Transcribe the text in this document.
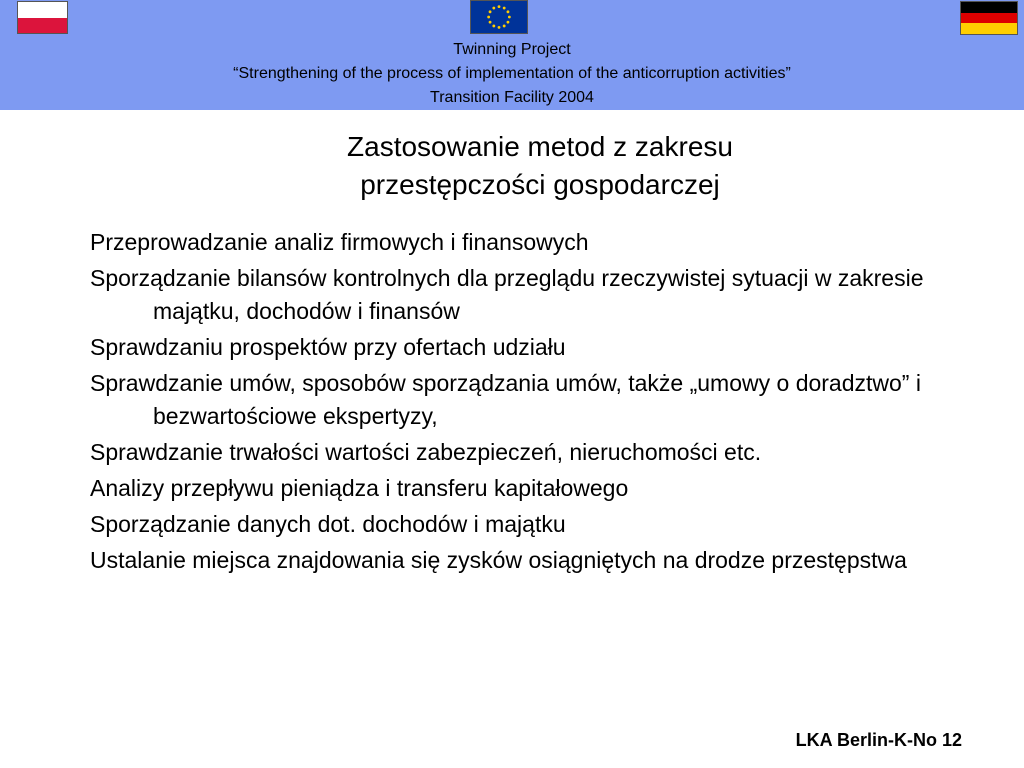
Twinning Project
“Strengthening of the process of implementation of the anticorruption activities”
Transition Facility 2004
Zastosowanie metod z zakresu
przestępczości gospodarczej
Przeprowadzanie analiz firmowych i finansowych
Sporządzanie bilansów kontrolnych dla przeglądu rzeczywistej sytuacji w zakresie majątku, dochodów i finansów
Sprawdzaniu prospektów przy ofertach udziału
Sprawdzanie umów, sposobów sporządzania umów, także „umowy o doradztwo” i bezwartościowe ekspertyzy,
Sprawdzanie trwałości wartości zabezpieczeń, nieruchomości etc.
Analizy przepływu pieniądza i transferu kapitałowego
Sporządzanie danych dot. dochodów i majątku
Ustalanie miejsca znajdowania się zysków osiągniętych na drodze przestępstwa
LKA Berlin-K-No 12
